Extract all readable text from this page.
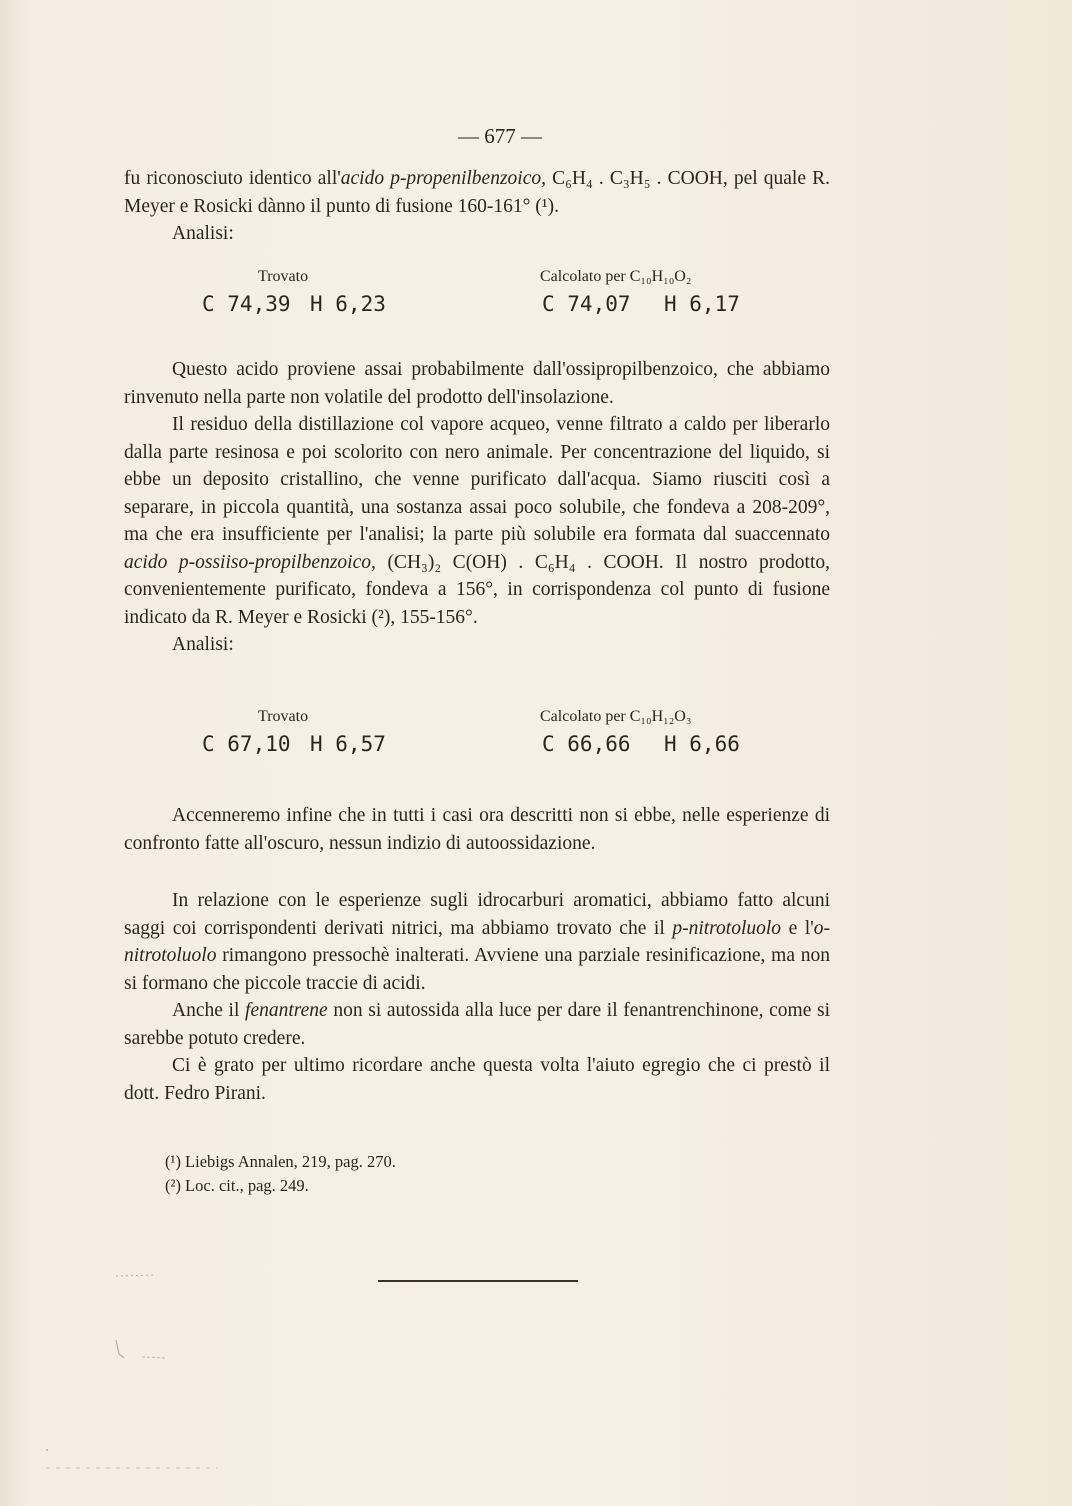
— 677 —

fu riconosciuto identico all'acido p-propenilbenzoico, C₆H₄ . C₃H₅ . COOH, pel quale R. Meyer e Rosicki dànno il punto di fusione 160-161° (¹).

Analisi:

Trovato	Calcolato per C₁₀H₁₀O₂
C 74,39 H 6,23	C 74,07 H 6,17

Questo acido proviene assai probabilmente dall'ossipropilbenzoico, che abbiamo rinvenuto nella parte non volatile del prodotto dell'insolazione.

Il residuo della distillazione col vapore acqueo, venne filtrato a caldo per liberarlo dalla parte resinosa e poi scolorito con nero animale. Per concentrazione del liquido, si ebbe un deposito cristallino, che venne purificato dall'acqua. Siamo riusciti così a separare, in piccola quantità, una sostanza assai poco solubile, che fondeva a 208-209°, ma che era insufficiente per l'analisi; la parte più solubile era formata dal suaccennato acido p-ossiiso-propilbenzoico, (CH₃)₂ C(OH) . C₆H₄ . COOH. Il nostro prodotto, convenientemente purificato, fondeva a 156°, in corrispondenza col punto di fusione indicato da R. Meyer e Rosicki (²), 155-156°.

Analisi:

Trovato	Calcolato per C₁₀H₁₂O₃
C 67,10 H 6,57	C 66,66 H 6,66

Accenneremo infine che in tutti i casi ora descritti non si ebbe, nelle esperienze di confronto fatte all'oscuro, nessun indizio di autoossidazione.

In relazione con le esperienze sugli idrocarburi aromatici, abbiamo fatto alcuni saggi coi corrispondenti derivati nitrici, ma abbiamo trovato che il p-nitrotoluolo e l'o-nitrotoluolo rimangono pressochè inalterati. Avviene una parziale resinificazione, ma non si formano che piccole traccie di acidi.

Anche il fenantrene non si autossida alla luce per dare il fenantrenchinone, come si sarebbe potuto credere.

Ci è grato per ultimo ricordare anche questa volta l'aiuto egregio che ci prestò il dott. Fedro Pirani.

(¹) Liebigs Annalen, 219, pag. 270.
(²) Loc. cit., pag. 249.
